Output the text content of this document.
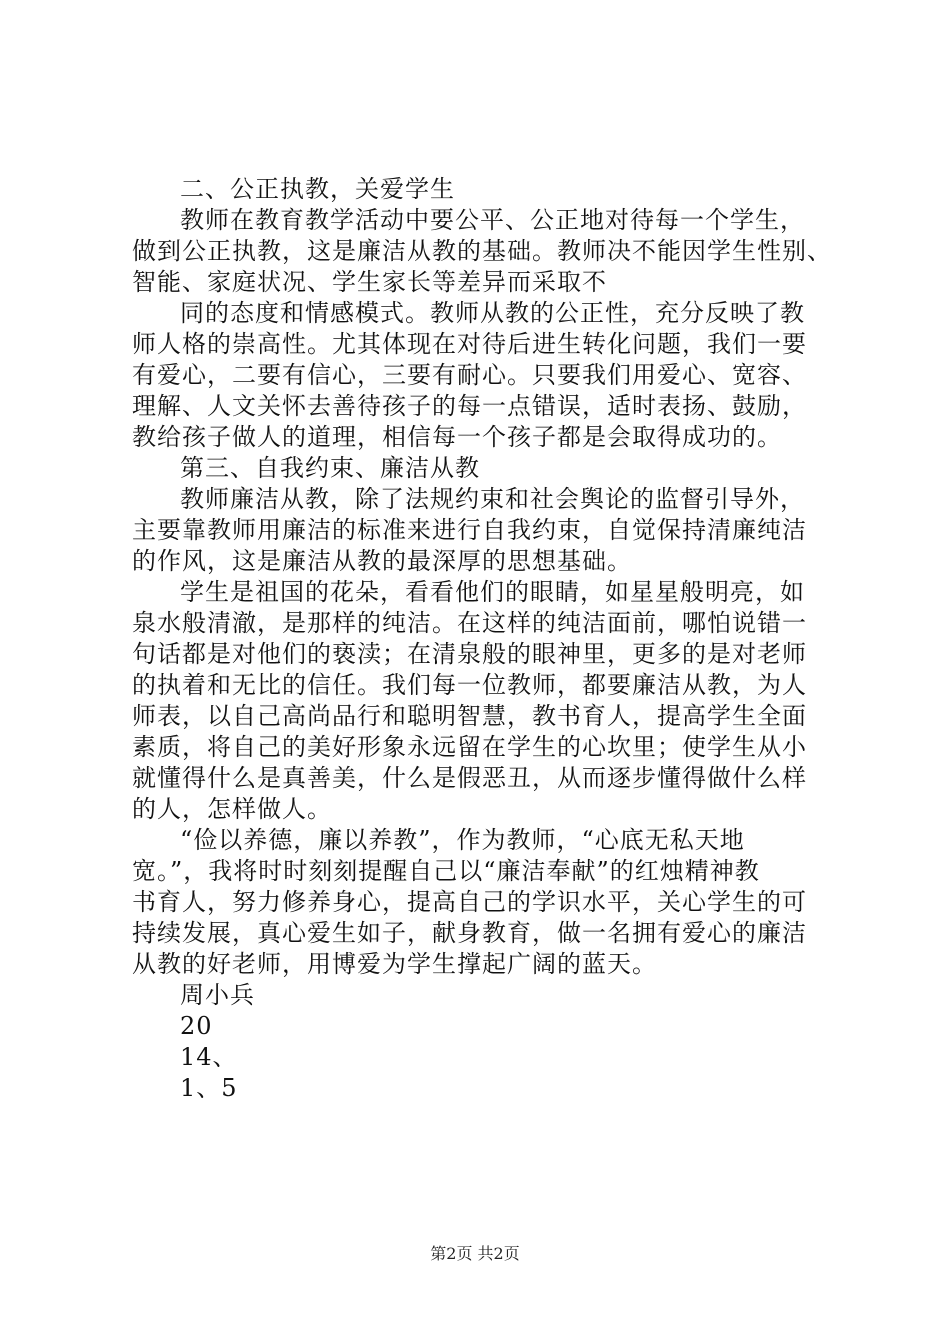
二、公正执教，关爱学生
教师在教育教学活动中要公平、公正地对待每一个学生，
做到公正执教，这是廉洁从教的基础。教师决不能因学生性别、
智能、家庭状况、学生家长等差异而采取不
同的态度和情感模式。教师从教的公正性，充分反映了教
师人格的崇高性。尤其体现在对待后进生转化问题，我们一要
有爱心，二要有信心，三要有耐心。只要我们用爱心、宽容、
理解、人文关怀去善待孩子的每一点错误，适时表扬、鼓励，
教给孩子做人的道理，相信每一个孩子都是会取得成功的。
第三、自我约束、廉洁从教
教师廉洁从教，除了法规约束和社会舆论的监督引导外，
主要靠教师用廉洁的标准来进行自我约束，自觉保持清廉纯洁
的作风，这是廉洁从教的最深厚的思想基础。
学生是祖国的花朵，看看他们的眼睛，如星星般明亮，如
泉水般清澈，是那样的纯洁。在这样的纯洁面前，哪怕说错一
句话都是对他们的亵渎；在清泉般的眼神里，更多的是对老师
的执着和无比的信任。我们每一位教师，都要廉洁从教，为人
师表，以自己高尚品行和聪明智慧，教书育人，提高学生全面
素质，将自己的美好形象永远留在学生的心坎里；使学生从小
就懂得什么是真善美，什么是假恶丑，从而逐步懂得做什么样
的人，怎样做人。
“俭以养德，廉以养教”，作为教师，“心底无私天地
宽。”，我将时时刻刻提醒自己以“廉洁奉献”的红烛精神教
书育人，努力修养身心，提高自己的学识水平，关心学生的可
持续发展，真心爱生如子，献身教育，做一名拥有爱心的廉洁
从教的好老师，用博爱为学生撑起广阔的蓝天。
周小兵
20
14、
1、5
第2页 共2页
